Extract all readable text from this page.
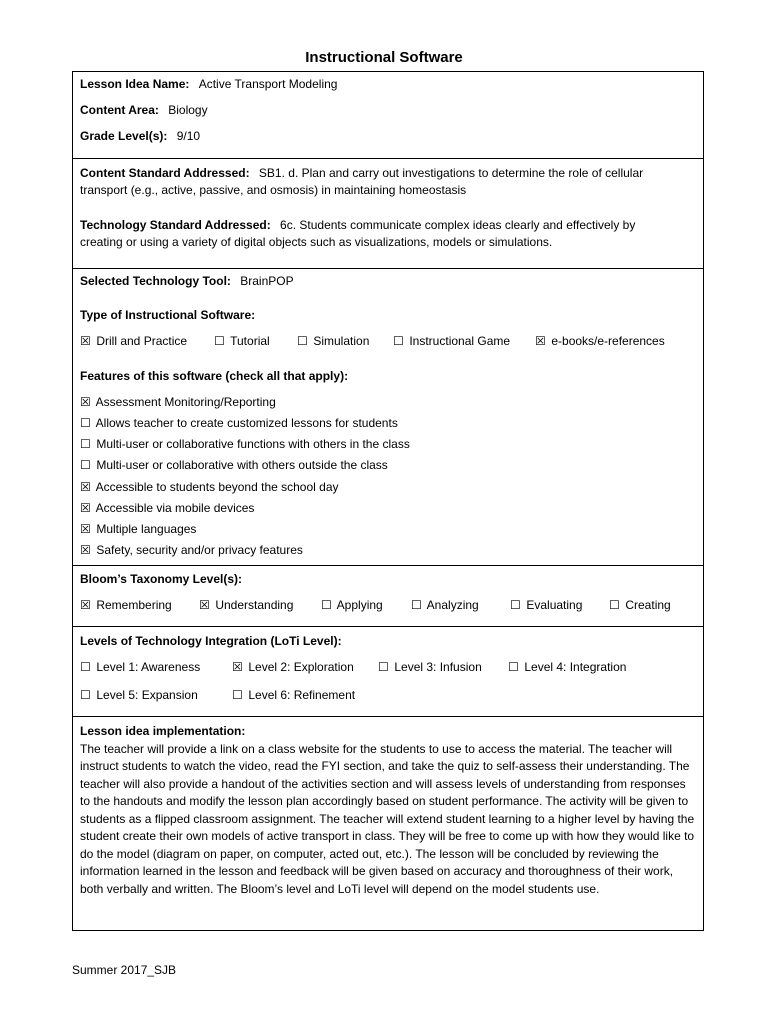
Instructional Software
Lesson Idea Name: Active Transport Modeling
Content Area: Biology
Grade Level(s): 9/10
Content Standard Addressed: SB1. d. Plan and carry out investigations to determine the role of cellular
transport (e.g., active, passive, and osmosis) in maintaining homeostasis
Technology Standard Addressed: 6c. Students communicate complex ideas clearly and effectively by
creating or using a variety of digital objects such as visualizations, models or simulations.
Selected Technology Tool: BrainPOP
Type of Instructional Software:
☒ Drill and Practice ☐ Tutorial ☐ Simulation ☐ Instructional Game ☒ e-books/e-references
Features of this software (check all that apply):
☒ Assessment Monitoring/Reporting
☐ Allows teacher to create customized lessons for students
☐ Multi-user or collaborative functions with others in the class
☐ Multi-user or collaborative with others outside the class
☒ Accessible to students beyond the school day
☒ Accessible via mobile devices
☒ Multiple languages
☒ Safety, security and/or privacy features
Bloom’s Taxonomy Level(s):
☒ Remembering ☒ Understanding ☐ Applying ☐ Analyzing	☐ Evaluating ☐ Creating
Levels of Technology Integration (LoTi Level):
☐ Level 1: Awareness	☒ Level 2: Exploration ☐ Level 3: Infusion ☐ Level 4: Integration
☐ Level 5: Expansion	☐ Level 6: Refinement
Lesson idea implementation:
The teacher will provide a link on a class website for the students to use to access the material. The teacher will instruct students to watch the video, read the FYI section, and take the quiz to self-assess their understanding. The teacher will also provide a handout of the activities section and will assess levels of understanding from responses to the handouts and modify the lesson plan accordingly based on student performance. The activity will be given to students as a flipped classroom assignment. The teacher will extend student learning to a higher level by having the student create their own models of active transport in class. They will be free to come up with how they would like to do the model (diagram on paper, on computer, acted out, etc.). The lesson will be concluded by reviewing the information learned in the lesson and feedback will be given based on accuracy and thoroughness of their work, both verbally and written. The Bloom’s level and LoTi level will depend on the model students use.
Summer 2017_SJB
